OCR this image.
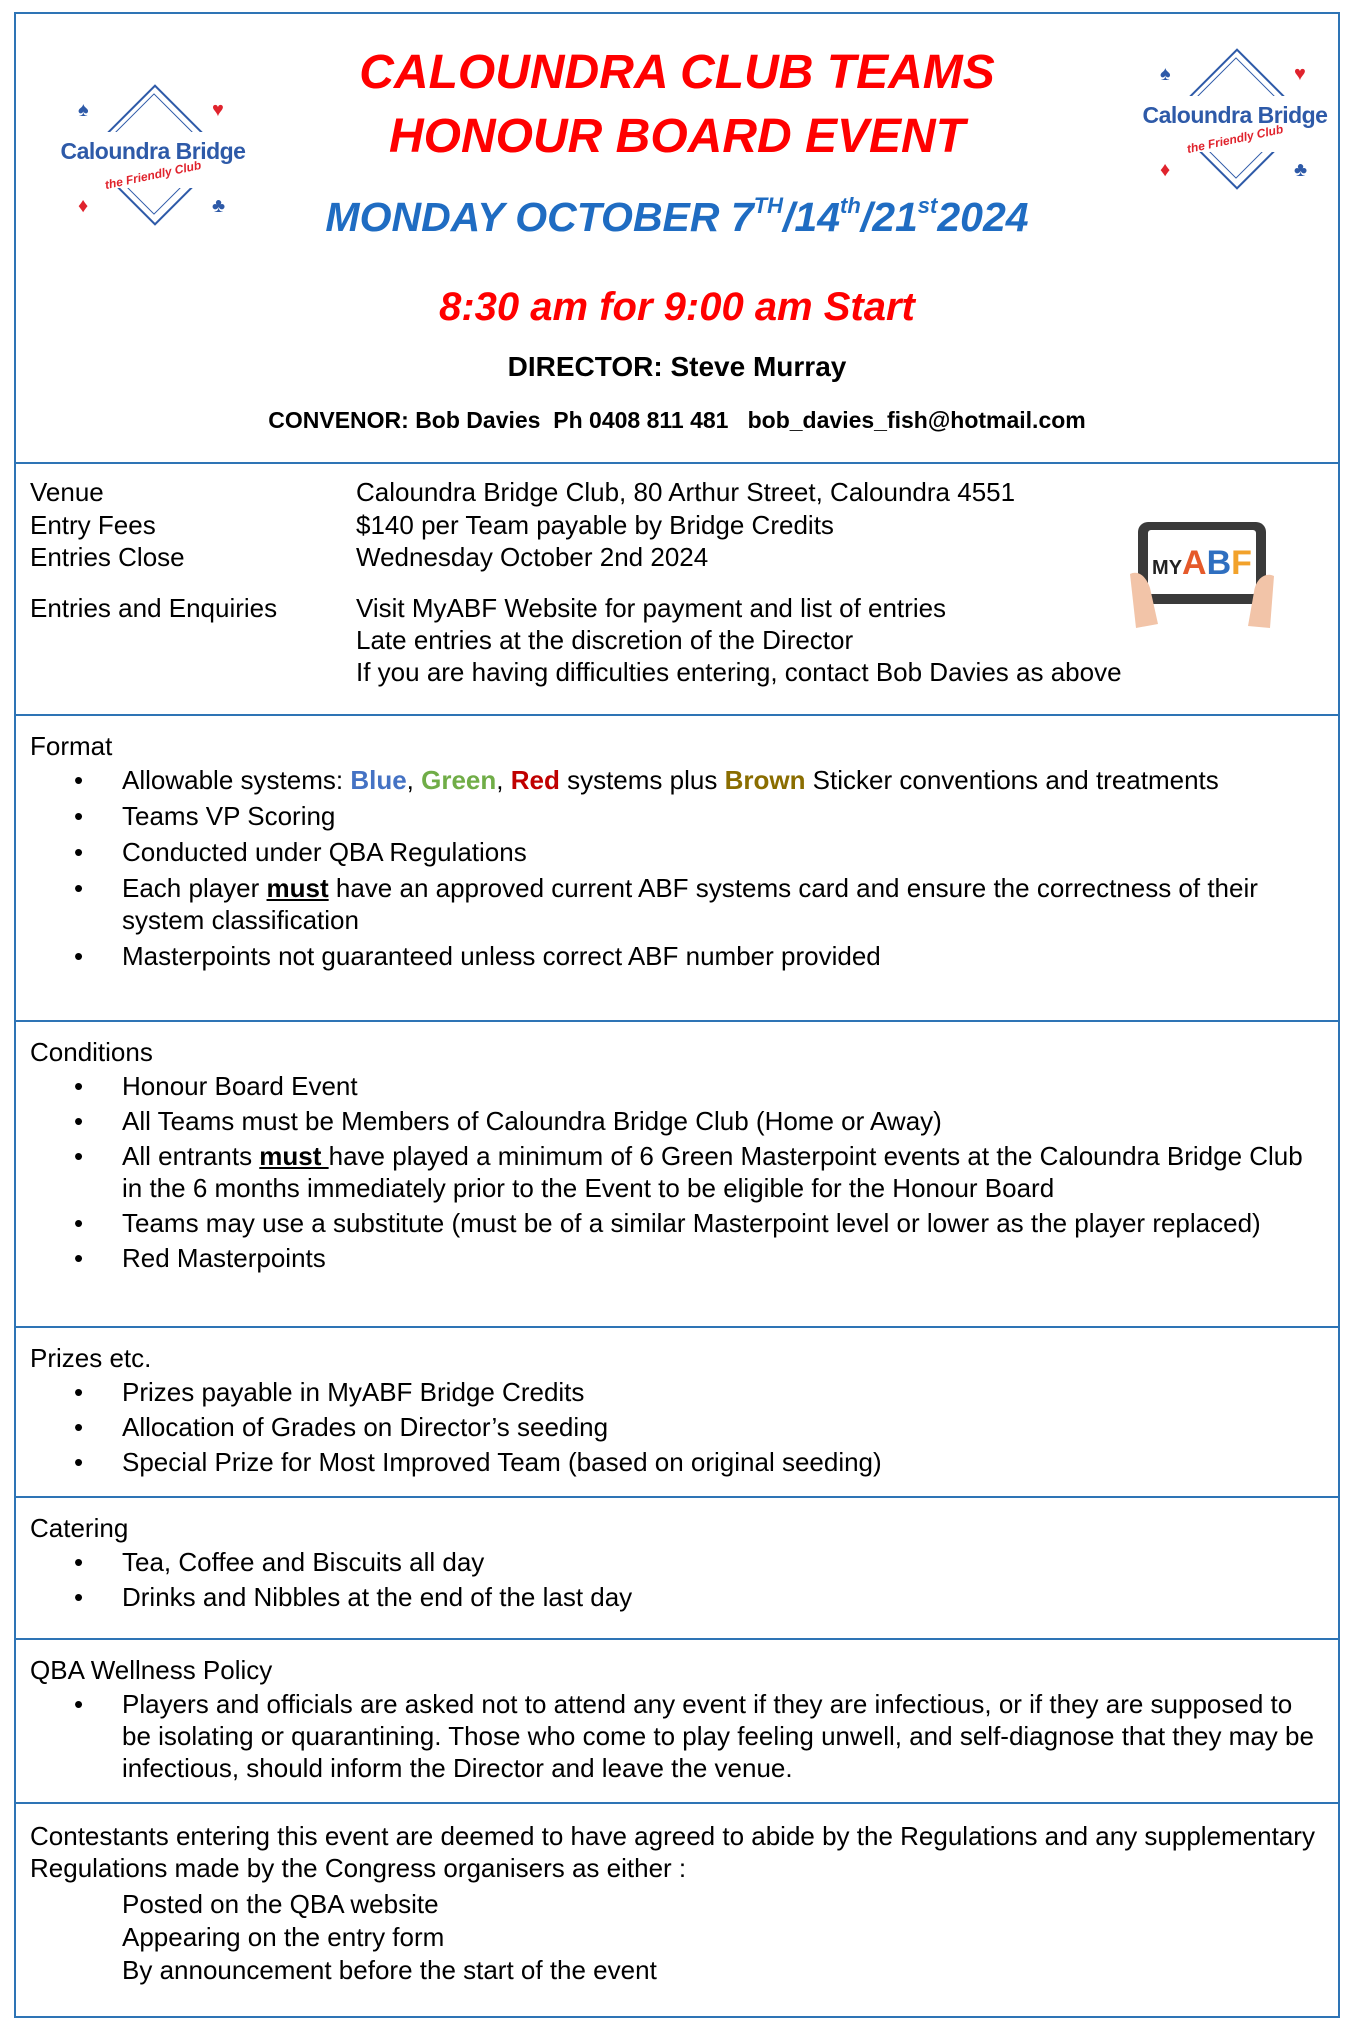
♠	♥
♦	♣
Caloundra Bridge
the Friendly Club
♠	♥
♦	♣
Caloundra Bridge
the Friendly Club
CALOUNDRA CLUB TEAMS
HONOUR BOARD EVENT
MONDAY OCTOBER 7TH/14th/21st2024
8:30 am for 9:00 am Start
DIRECTOR: Steve Murray
CONVENOR: Bob Davies  Ph 0408 811 481   bob_davies_fish@hotmail.com
Venue	Caloundra Bridge Club, 80 Arthur Street, Caloundra 4551
Entry Fees	$140 per Team payable by Bridge Credits
Entries Close	Wednesday October 2nd 2024
Entries and Enquiries	Visit MyABF Website for payment and list of entries
Late entries at the discretion of the Director
If you are having difficulties entering, contact Bob Davies as above
MYABF
Format
• Allowable systems: Blue, Green, Red systems plus Brown Sticker conventions and treatments
• Teams VP Scoring
• Conducted under QBA Regulations
• Each player must have an approved current ABF systems card and ensure the correctness of their system classification
• Masterpoints not guaranteed unless correct ABF number provided
Conditions
• Honour Board Event
• All Teams must be Members of Caloundra Bridge Club (Home or Away)
• All entrants must have played a minimum of 6 Green Masterpoint events at the Caloundra Bridge Club in the 6 months immediately prior to the Event to be eligible for the Honour Board
• Teams may use a substitute (must be of a similar Masterpoint level or lower as the player replaced)
• Red Masterpoints
Prizes etc.
• Prizes payable in MyABF Bridge Credits
• Allocation of Grades on Director’s seeding
• Special Prize for Most Improved Team (based on original seeding)
Catering
• Tea, Coffee and Biscuits all day
• Drinks and Nibbles at the end of the last day
QBA Wellness Policy
• Players and officials are asked not to attend any event if they are infectious, or if they are supposed to be isolating or quarantining. Those who come to play feeling unwell, and self-diagnose that they may be infectious, should inform the Director and leave the venue.
Contestants entering this event are deemed to have agreed to abide by the Regulations and any supplementary Regulations made by the Congress organisers as either :
Posted on the QBA website
Appearing on the entry form
By announcement before the start of the event
